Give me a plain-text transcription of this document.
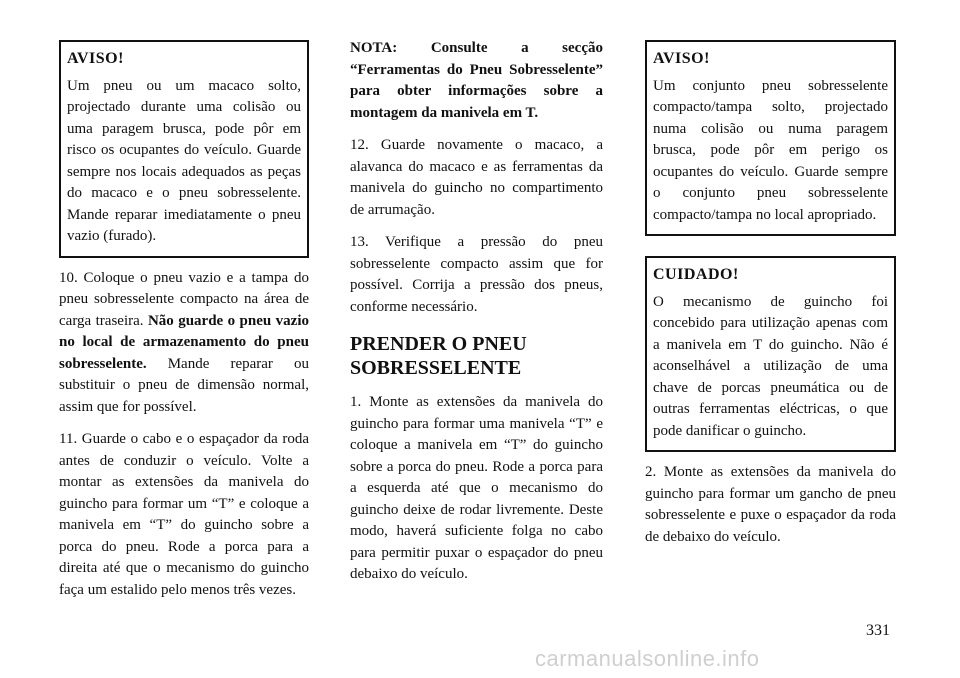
AVISO!
Um pneu ou um macaco solto, projectado durante uma colisão ou uma paragem brusca, pode pôr em risco os ocupantes do veículo. Guarde sempre nos locais adequados as peças do macaco e o pneu sobresselente. Mande reparar imediatamente o pneu vazio (furado).

10. Coloque o pneu vazio e a tampa do pneu sobresselente compacto na área de carga traseira. Não guarde o pneu vazio no local de armazenamento do pneu sobresselente. Mande reparar ou substituir o pneu de dimensão normal, assim que for possível.

11. Guarde o cabo e o espaçador da roda antes de conduzir o veículo. Volte a montar as extensões da manivela do guincho para formar um “T” e coloque a manivela em “T” do guincho sobre a porca do pneu. Rode a porca para a direita até que o mecanismo do guincho faça um estalido pelo menos três vezes.

NOTA: Consulte a secção “Ferramentas do Pneu Sobresselente” para obter informações sobre a montagem da manivela em T.

12. Guarde novamente o macaco, a alavanca do macaco e as ferramentas da manivela do guincho no compartimento de arrumação.

13. Verifique a pressão do pneu sobresselente compacto assim que for possível. Corrija a pressão dos pneus, conforme necessário.

PRENDER O PNEU SOBRESSELENTE

1. Monte as extensões da manivela do guincho para formar uma manivela “T” e coloque a manivela em “T” do guincho sobre a porca do pneu. Rode a porca para a esquerda até que o mecanismo do guincho deixe de rodar livremente. Deste modo, haverá suficiente folga no cabo para permitir puxar o espaçador do pneu debaixo do veículo.

AVISO!
Um conjunto pneu sobresselente compacto/tampa solto, projectado numa colisão ou numa paragem brusca, pode pôr em perigo os ocupantes do veículo. Guarde sempre o conjunto pneu sobresselente compacto/tampa no local apropriado.
CUIDADO!
O mecanismo de guincho foi concebido para utilização apenas com a manivela em T do guincho. Não é aconselhável a utilização de uma chave de porcas pneumática ou de outras ferramentas eléctricas, o que pode danificar o guincho.

2. Monte as extensões da manivela do guincho para formar um gancho de pneu sobresselente e puxe o espaçador da roda de debaixo do veículo.

331
carmanualsonline.info
